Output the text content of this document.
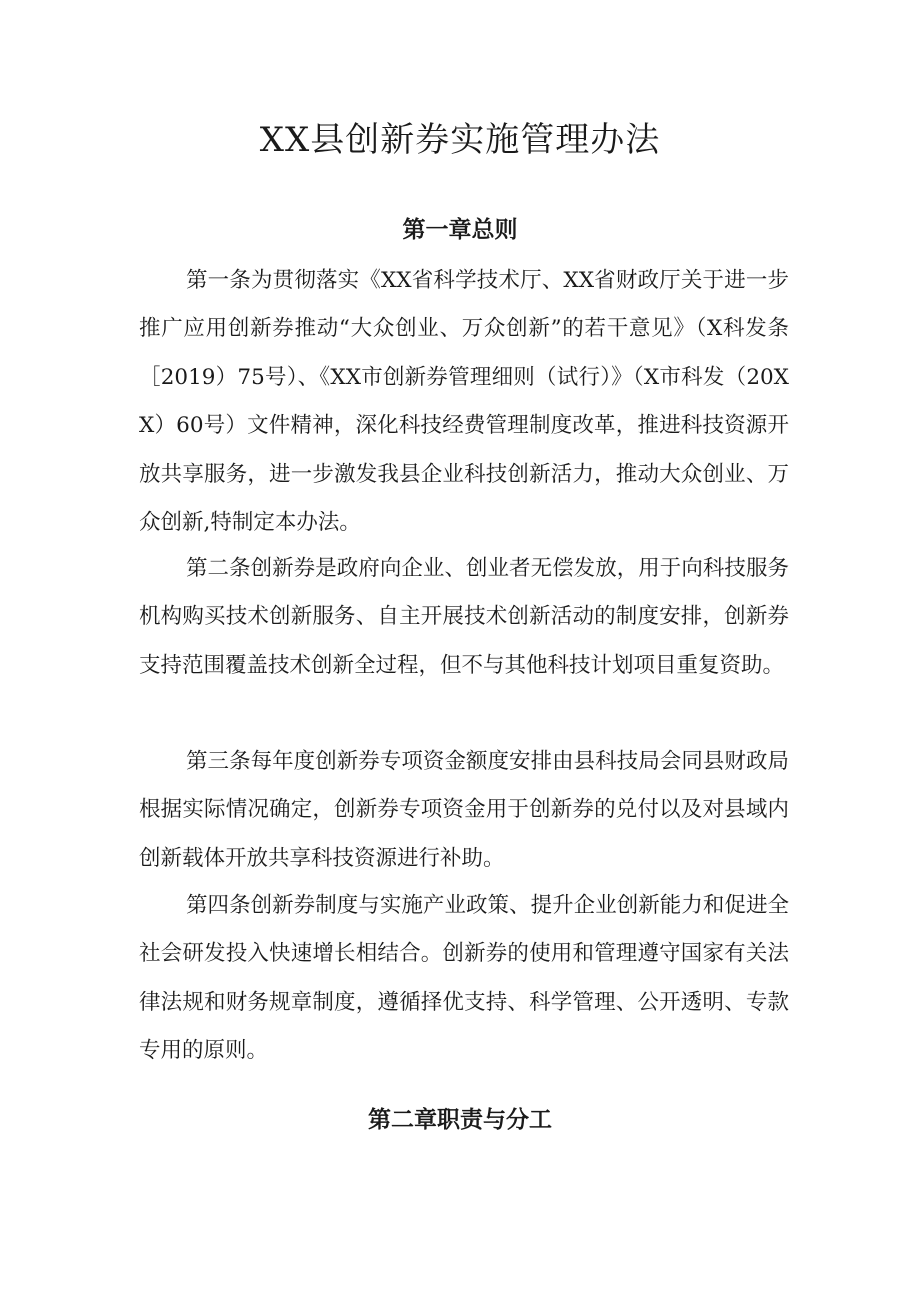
XX县创新券实施管理办法
第一章总则

第一条为贯彻落实《XX省科学技术厅、XX省财政厅关于进一步推广应用创新券推动“大众创业、万众创新”的若干意见》（X科发条［2019）75号）、《XX市创新券管理细则（试行）》（X市科发（20XX）60号）文件精神，深化科技经费管理制度改革，推进科技资源开放共享服务，进一步激发我县企业科技创新活力，推动大众创业、万众创新,特制定本办法。

第二条创新券是政府向企业、创业者无偿发放，用于向科技服务机构购买技术创新服务、自主开展技术创新活动的制度安排，创新券支持范围覆盖技术创新全过程，但不与其他科技计划项目重复资助。

第三条每年度创新券专项资金额度安排由县科技局会同县财政局根据实际情况确定，创新券专项资金用于创新券的兑付以及对县域内创新载体开放共享科技资源进行补助。

第四条创新券制度与实施产业政策、提升企业创新能力和促进全社会研发投入快速增长相结合。创新券的使用和管理遵守国家有关法律法规和财务规章制度，遵循择优支持、科学管理、公开透明、专款专用的原则。

第二章职责与分工
